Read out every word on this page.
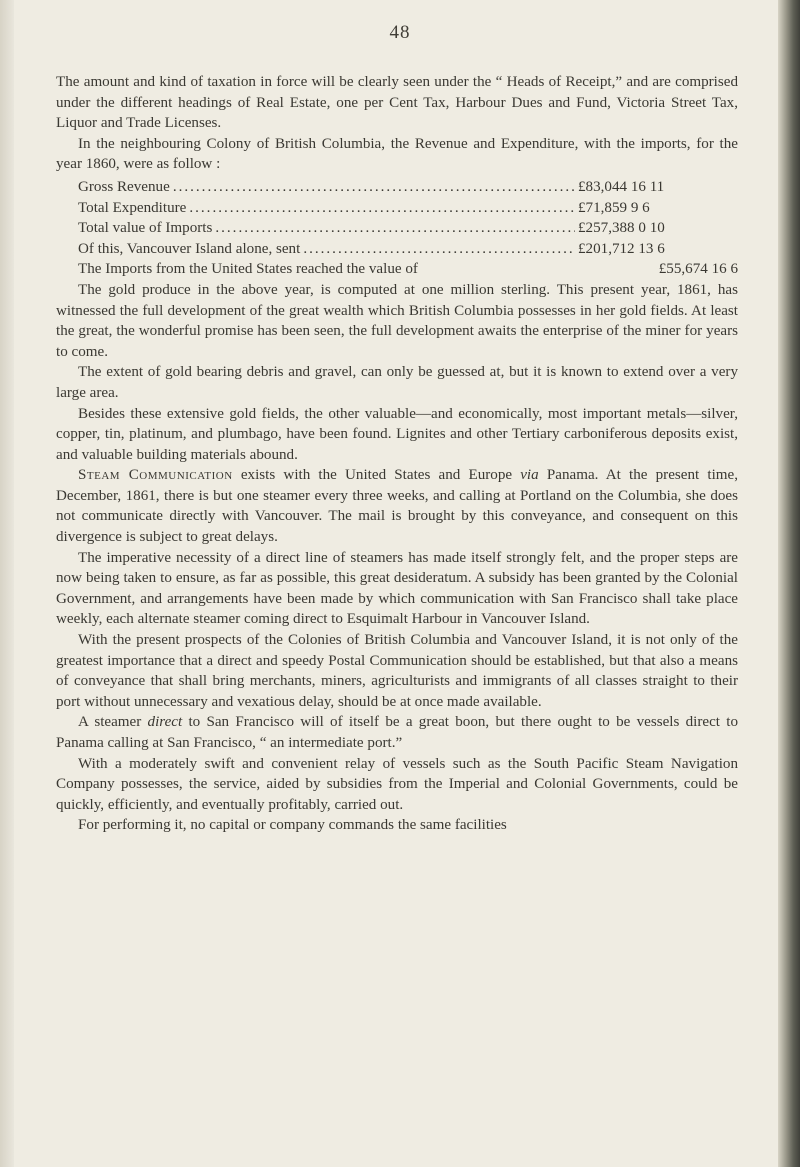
48

The amount and kind of taxation in force will be clearly seen under the “ Heads of Receipt,” and are comprised under the different headings of Real Estate, one per Cent Tax, Harbour Dues and Fund, Victoria Street Tax, Liquor and Trade Licenses.

In the neighbouring Colony of British Columbia, the Revenue and Expenditure, with the imports, for the year 1860, were as follow :

Gross Revenue .....	£83,044 16 11
Total Expenditure .....	£71,859 9 6
Total value of Imports .....	£257,388 0 10
Of this, Vancouver Island alone, sent .....	£201,712 13 6
The Imports from the United States reached the value of	£55,674 16 6

The gold produce in the above year, is computed at one million sterling. This present year, 1861, has witnessed the full development of the great wealth which British Columbia possesses in her gold fields. At least the great, the wonderful promise has been seen, the full development awaits the enterprise of the miner for years to come.

The extent of gold bearing debris and gravel, can only be guessed at, but it is known to extend over a very large area.

Besides these extensive gold fields, the other valuable—and economically, most important metals—silver, copper, tin, platinum, and plumbago, have been found. Lignites and other Tertiary carboniferous deposits exist, and valuable building materials abound.

Steam Communication exists with the United States and Europe via Panama. At the present time, December, 1861, there is but one steamer every three weeks, and calling at Portland on the Columbia, she does not communicate directly with Vancouver. The mail is brought by this conveyance, and consequent on this divergence is subject to great delays.

The imperative necessity of a direct line of steamers has made itself strongly felt, and the proper steps are now being taken to ensure, as far as possible, this great desideratum. A subsidy has been granted by the Colonial Government, and arrangements have been made by which communication with San Francisco shall take place weekly, each alternate steamer coming direct to Esquimalt Harbour in Vancouver Island.

With the present prospects of the Colonies of British Columbia and Vancouver Island, it is not only of the greatest importance that a direct and speedy Postal Communication should be established, but that also a means of conveyance that shall bring merchants, miners, agriculturists and immigrants of all classes straight to their port without unnecessary and vexatious delay, should be at once made available.

A steamer direct to San Francisco will of itself be a great boon, but there ought to be vessels direct to Panama calling at San Francisco, “ an intermediate port.”

With a moderately swift and convenient relay of vessels such as the South Pacific Steam Navigation Company possesses, the service, aided by subsidies from the Imperial and Colonial Governments, could be quickly, efficiently, and eventually profitably, carried out.

For performing it, no capital or company commands the same facilities
